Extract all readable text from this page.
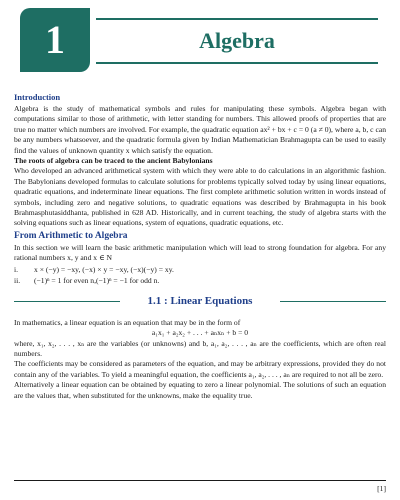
1	Algebra
Introduction

Algebra is the study of mathematical symbols and rules for manipulating these symbols. Algebra began with computations similar to those of arithmetic, with letter standing for numbers. This allowed proofs of properties that are true no matter which numbers are involved. For example, the quadratic equation ax² + bx + c = 0 (a ≠ 0), where a, b, c can be any numbers whatsoever, and the quadratic formula given by Indian Mathematician Brahmagupta can be used to easily find the values of unknown quantity x which satisfy the equation.

The roots of algebra can be traced to the ancient Babylonians

Who developed an advanced arithmetical system with which they were able to do calculations in an algorithmic fashion. The Babylonians developed formulas to calculate solutions for problems typically solved today by using linear equations, quadratic equations, and indeterminate linear equations. The first complete arithmetic solution written in words instead of symbols, including zero and negative solutions, to quadratic equations was described by Brahmagupta in his book Brahmasphutasiddhanta, published in 628 AD. Historically, and in current teaching, the study of algebra starts with the solving equations such as linear equations, system of equations, quadratic equations, etc.

From Arithmetic to Algebra

In this section we will learn the basic arithmetic manipulation which will lead to strong foundation for algebra. For any rational numbers x, y and x ∈ N

i.	x × (−y) = −xy, (−x) × y = −xy, (−x)(−y) = xy.
ii.	(−1)ⁿ = 1 for even n,(−1)ⁿ = −1 for odd n.
1.1 : Linear Equations

In mathematics, a linear equation is an equation that may be in the form of

a₁x₁ + a₂x₂ + . . . + aₙxₙ + b = 0

where, x₁, x₂, . . . , xₙ are the variables (or unknowns) and b, a₁, a₂, . . . , aₙ are the coefficients, which are often real numbers.

The coefficients may be considered as parameters of the equation, and may be arbitrary expressions, provided they do not contain any of the variables. To yield a meaningful equation, the coefficients a₁, a₂, . . . , aₙ are required to not all be zero.

Alternatively a linear equation can be obtained by equating to zero a linear polynomial. The solutions of such an equation are the values that, when substituted for the unknowns, make the equality true.

[1]
